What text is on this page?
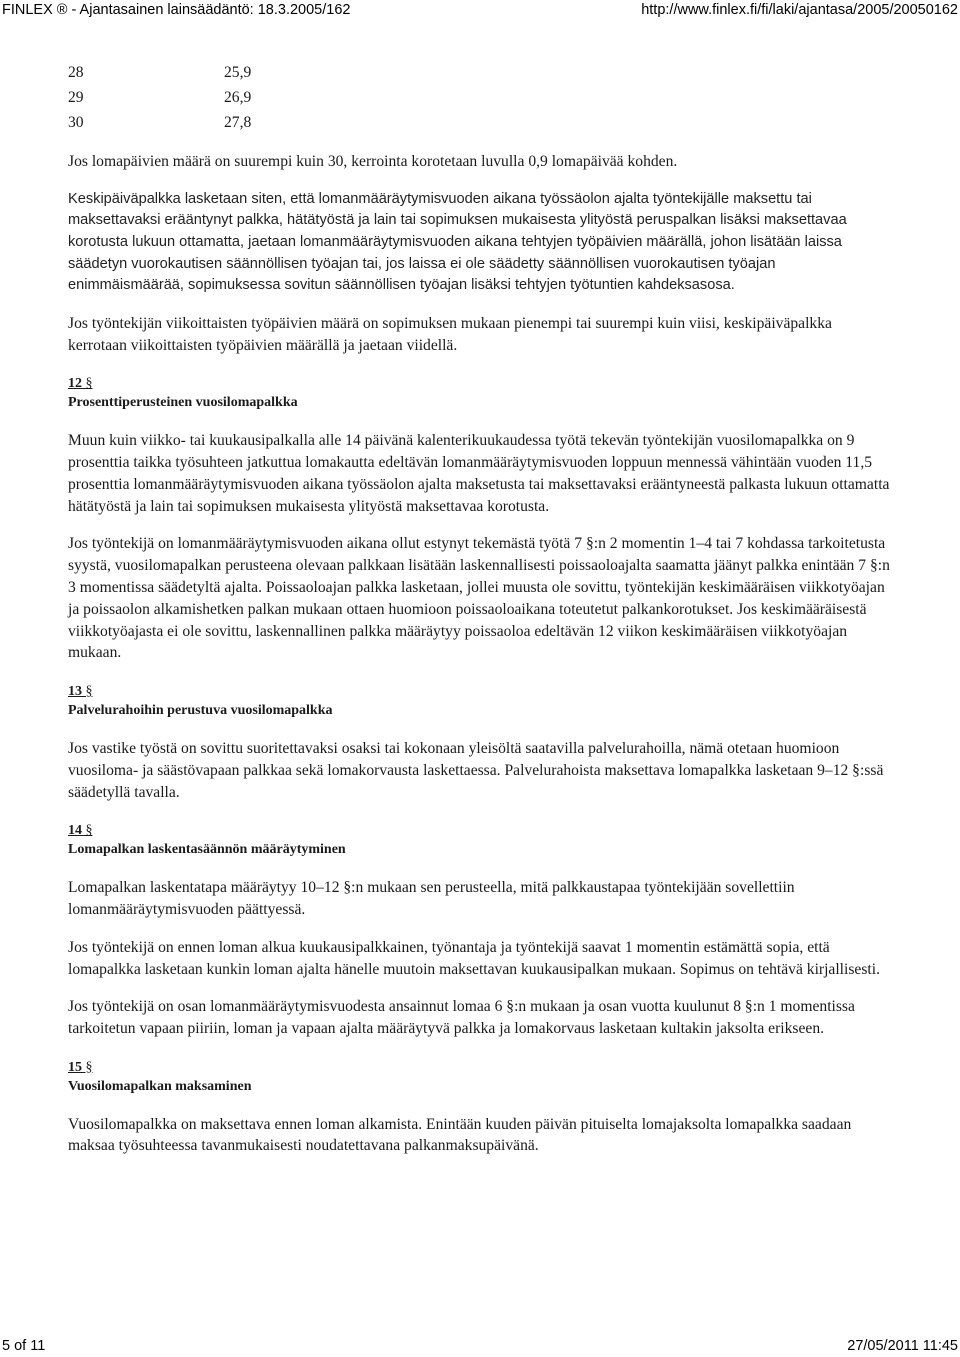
FINLEX ® - Ajantasainen lainsäädäntö: 18.3.2005/162	http://www.finlex.fi/fi/laki/ajantasa/2005/20050162
28	25,9
29	26,9
30	27,8

Jos lomapäivien määrä on suurempi kuin 30, kerrointa korotetaan luvulla 0,9 lomapäivää kohden.

Keskipäiväpalkka lasketaan siten, että lomanmääräytymisvuoden aikana työssäolon ajalta työntekijälle maksettu tai maksettavaksi erääntynyt palkka, hätätyöstä ja lain tai sopimuksen mukaisesta ylityöstä peruspalkan lisäksi maksettavaa korotusta lukuun ottamatta, jaetaan lomanmääräytymisvuoden aikana tehtyjen työpäivien määrällä, johon lisätään laissa säädetyn vuorokautisen säännöllisen työajan tai, jos laissa ei ole säädetty säännöllisen vuorokautisen työajan enimmäismäärää, sopimuksessa sovitun säännöllisen työajan lisäksi tehtyjen työtuntien kahdeksasosa.

Jos työntekijän viikoittaisten työpäivien määrä on sopimuksen mukaan pienempi tai suurempi kuin viisi, keskipäiväpalkka kerrotaan viikoittaisten työpäivien määrällä ja jaetaan viidellä.

12 §
Prosenttiperusteinen vuosilomapalkka

Muun kuin viikko- tai kuukausipalkalla alle 14 päivänä kalenterikuukaudessa työtä tekevän työntekijän vuosilomapalkka on 9 prosenttia taikka työsuhteen jatkuttua lomakautta edeltävän lomanmääräytymisvuoden loppuun mennessä vähintään vuoden 11,5 prosenttia lomanmääräytymisvuoden aikana työssäolon ajalta maksetusta tai maksettavaksi erääntyneestä palkasta lukuun ottamatta hätätyöstä ja lain tai sopimuksen mukaisesta ylityöstä maksettavaa korotusta.

Jos työntekijä on lomanmääräytymisvuoden aikana ollut estynyt tekemästä työtä 7 §:n 2 momentin 1–4 tai 7 kohdassa tarkoitetusta syystä, vuosilomapalkan perusteena olevaan palkkaan lisätään laskennallisesti poissaoloajalta saamatta jäänyt palkka enintään 7 §:n 3 momentissa säädetyltä ajalta. Poissaoloajan palkka lasketaan, jollei muusta ole sovittu, työntekijän keskimääräisen viikkotyöajan ja poissaolon alkamishetken palkan mukaan ottaen huomioon poissaoloaikana toteutetut palkankorotukset. Jos keskimääräisestä viikkotyöajasta ei ole sovittu, laskennallinen palkka määräytyy poissaoloa edeltävän 12 viikon keskimääräisen viikkotyöajan mukaan.

13 §
Palvelurahoihin perustuva vuosilomapalkka

Jos vastike työstä on sovittu suoritettavaksi osaksi tai kokonaan yleisöltä saatavilla palvelurahoilla, nämä otetaan huomioon vuosiloma- ja säästövapaan palkkaa sekä lomakorvausta laskettaessa. Palvelurahoista maksettava lomapalkka lasketaan 9–12 §:ssä säädetyllä tavalla.

14 §
Lomapalkan laskentasäännön määräytyminen

Lomapalkan laskentatapa määräytyy 10–12 §:n mukaan sen perusteella, mitä palkkaustapaa työntekijään sovellettiin lomanmääräytymisvuoden päättyessä.

Jos työntekijä on ennen loman alkua kuukausipalkkainen, työnantaja ja työntekijä saavat 1 momentin estämättä sopia, että lomapalkka lasketaan kunkin loman ajalta hänelle muutoin maksettavan kuukausipalkan mukaan. Sopimus on tehtävä kirjallisesti.

Jos työntekijä on osan lomanmääräytymisvuodesta ansainnut lomaa 6 §:n mukaan ja osan vuotta kuulunut 8 §:n 1 momentissa tarkoitetun vapaan piiriin, loman ja vapaan ajalta määräytyvä palkka ja lomakorvaus lasketaan kultakin jaksolta erikseen.

15 §
Vuosilomapalkan maksaminen

Vuosilomapalkka on maksettava ennen loman alkamista. Enintään kuuden päivän pituiselta lomajaksolta lomapalkka saadaan maksaa työsuhteessa tavanmukaisesti noudatettavana palkanmaksupäivänä.

5 of 11	27/05/2011 11:45
